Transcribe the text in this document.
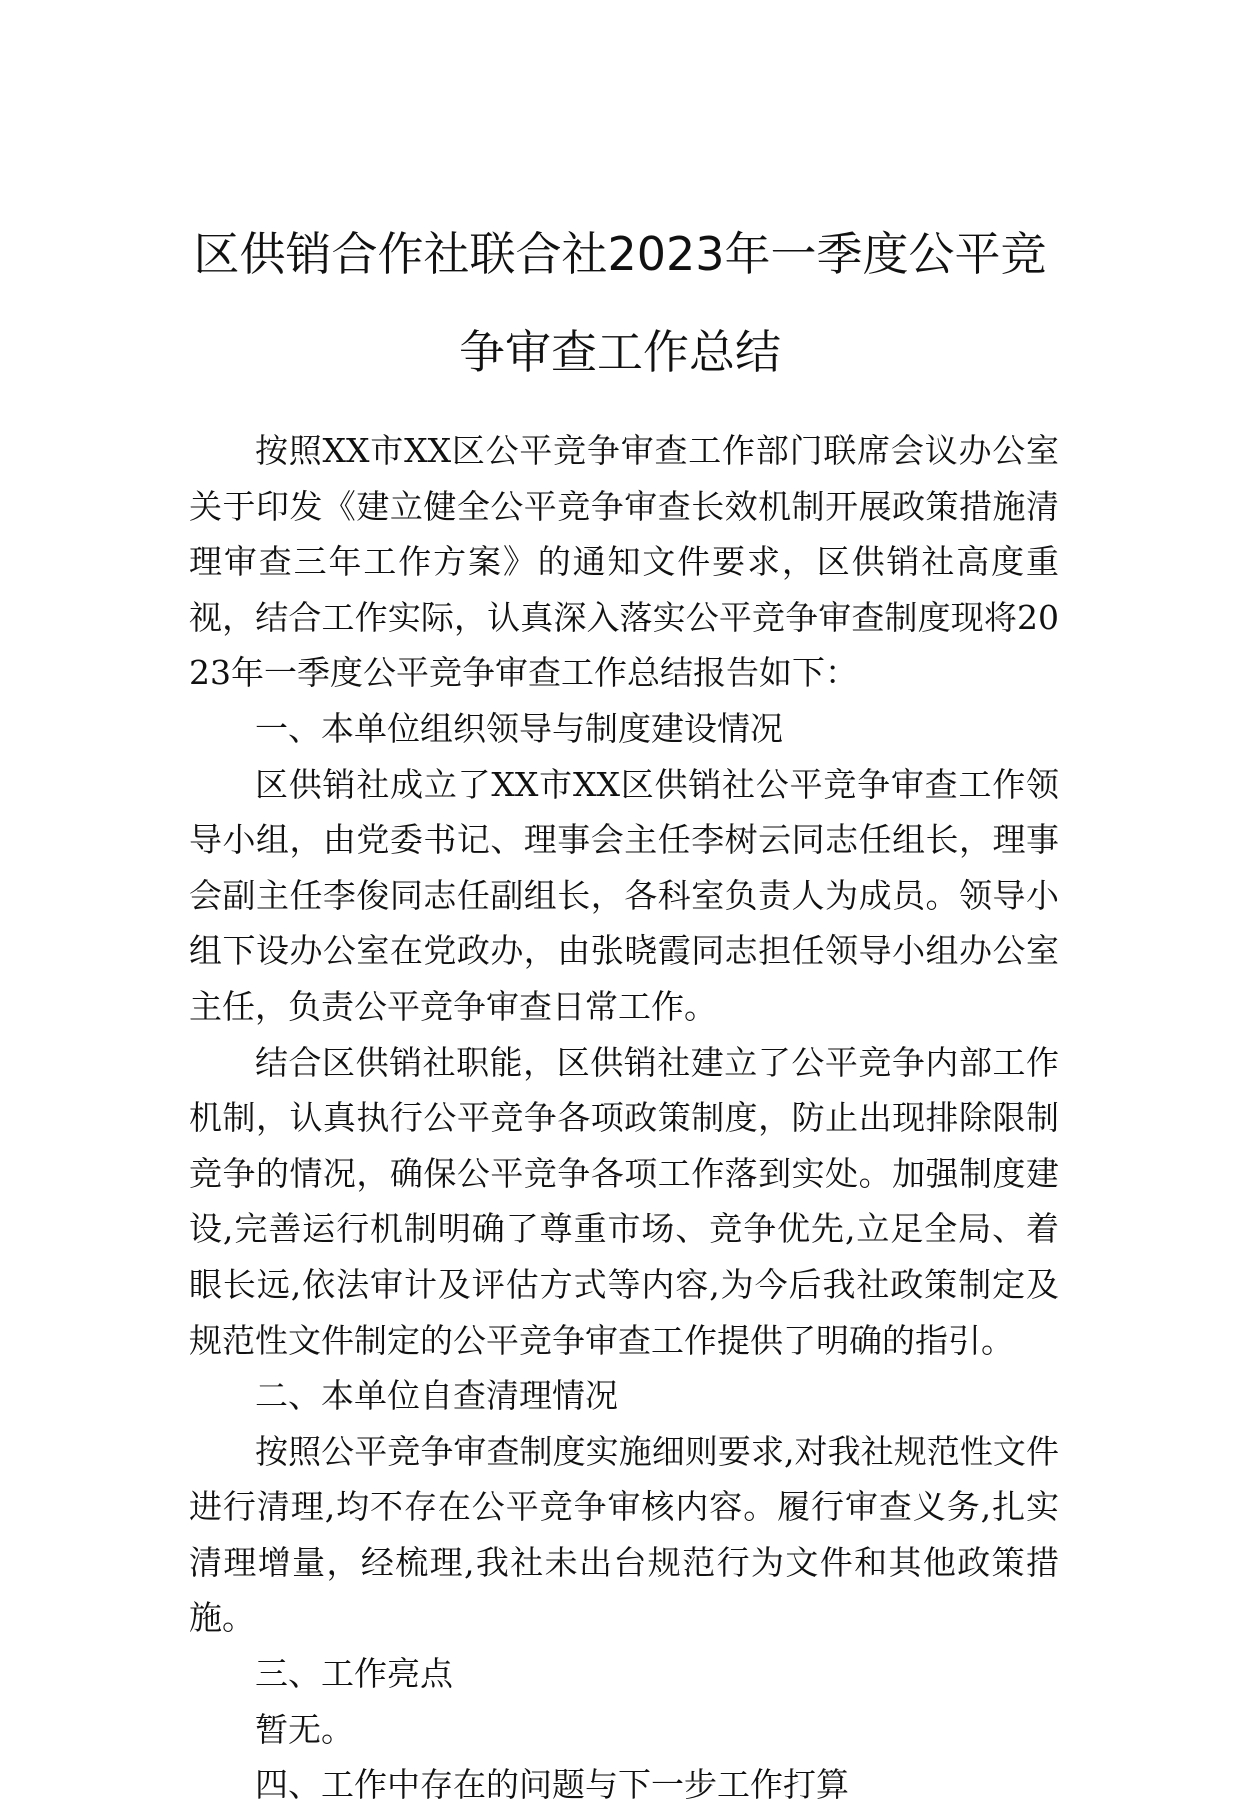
区供销合作社联合社2023年一季度公平竞
争审查工作总结

按照XX市XX区公平竞争审查工作部门联席会议办公室关于印发《建立健全公平竞争审查长效机制开展政策措施清理审查三年工作方案》的通知文件要求，区供销社高度重视，结合工作实际，认真深入落实公平竞争审查制度现将2023年一季度公平竞争审查工作总结报告如下：

一、本单位组织领导与制度建设情况

区供销社成立了XX市XX区供销社公平竞争审查工作领导小组，由党委书记、理事会主任李树云同志任组长，理事会副主任李俊同志任副组长，各科室负责人为成员。领导小组下设办公室在党政办，由张晓霞同志担任领导小组办公室主任，负责公平竞争审查日常工作。

结合区供销社职能，区供销社建立了公平竞争内部工作机制，认真执行公平竞争各项政策制度，防止出现排除限制竞争的情况，确保公平竞争各项工作落到实处。加强制度建设,完善运行机制明确了尊重市场、竞争优先,立足全局、着眼长远,依法审计及评估方式等内容,为今后我社政策制定及规范性文件制定的公平竞争审查工作提供了明确的指引。

二、本单位自查清理情况

按照公平竞争审查制度实施细则要求,对我社规范性文件进行清理,均不存在公平竞争审核内容。履行审查义务,扎实清理增量，经梳理,我社未出台规范行为文件和其他政策措施。

三、工作亮点

暂无。

四、工作中存在的问题与下一步工作打算
